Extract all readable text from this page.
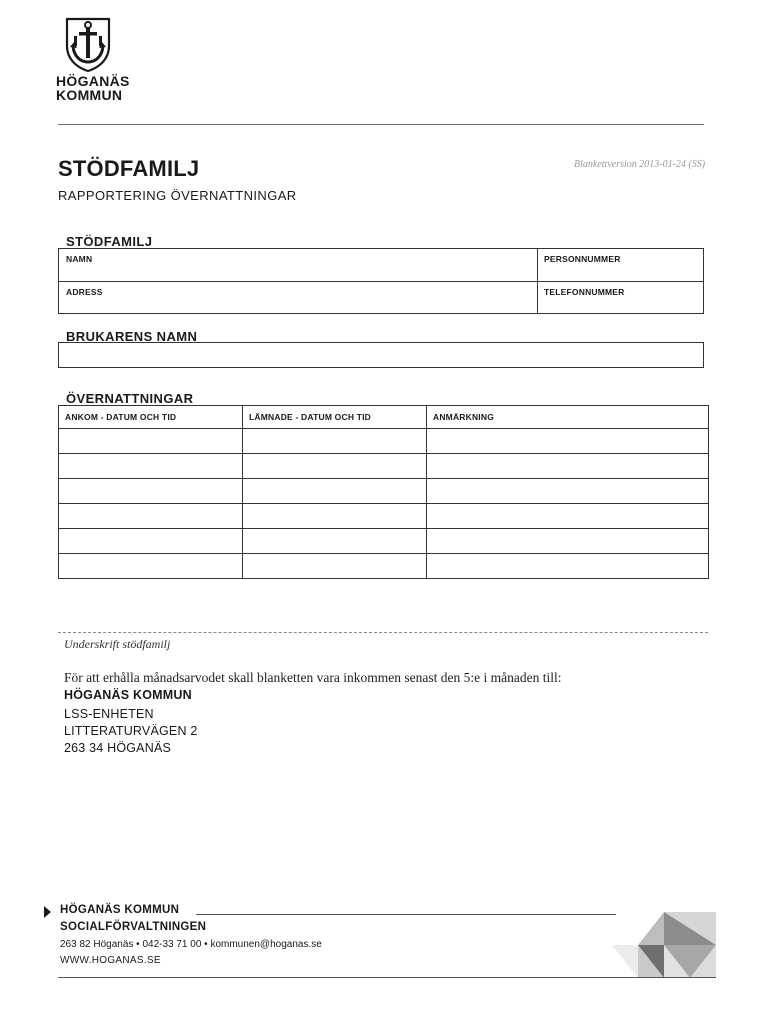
HÖGANÄS
KOMMUN
STÖDFAMILJ	Blankettversion 2013-01-24 (SS)
RAPPORTERING ÖVERNATTNINGAR
STÖDFAMILJ
NAMN	PERSONNUMMER
ADRESS	TELEFONNUMMER
BRUKARENS NAMN
ÖVERNATTNINGAR
ANKOM - DATUM OCH TID	LÄMNADE - DATUM OCH TID	ANMÄRKNING

Underskrift stödfamilj
För att erhålla månadsarvodet skall blanketten vara inkommen senast den 5:e i månaden till:
HÖGANÄS KOMMUN
LSS-ENHETEN
LITTERATURVÄGEN 2
263 34 HÖGANÄS
HÖGANÄS KOMMUN
SOCIALFÖRVALTNINGEN
263 82 Höganäs • 042-33 71 00 • kommunen@hoganas.se
WWW.HOGANAS.SE
